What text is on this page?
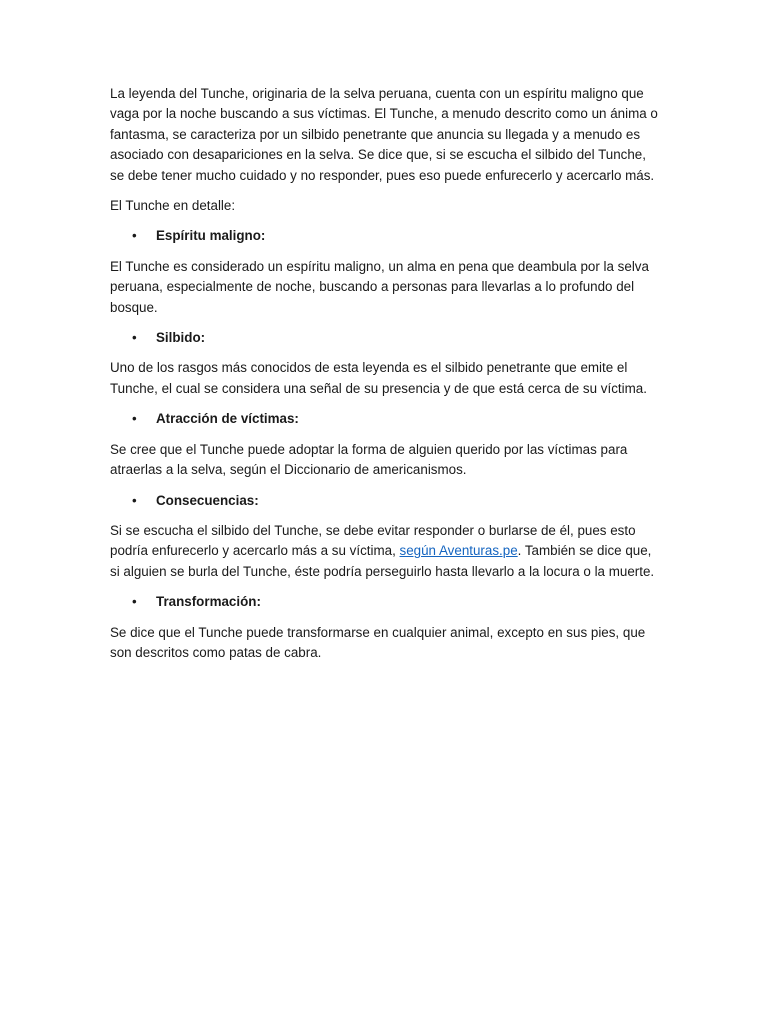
La leyenda del Tunche, originaria de la selva peruana, cuenta con un espíritu maligno que vaga por la noche buscando a sus víctimas. El Tunche, a menudo descrito como un ánima o fantasma, se caracteriza por un silbido penetrante que anuncia su llegada y a menudo es asociado con desapariciones en la selva. Se dice que, si se escucha el silbido del Tunche, se debe tener mucho cuidado y no responder, pues eso puede enfurecerlo y acercarlo más.

El Tunche en detalle:

•	Espíritu maligno:

El Tunche es considerado un espíritu maligno, un alma en pena que deambula por la selva peruana, especialmente de noche, buscando a personas para llevarlas a lo profundo del bosque.

•	Silbido:

Uno de los rasgos más conocidos de esta leyenda es el silbido penetrante que emite el Tunche, el cual se considera una señal de su presencia y de que está cerca de su víctima.

•	Atracción de víctimas:

Se cree que el Tunche puede adoptar la forma de alguien querido por las víctimas para atraerlas a la selva, según el Diccionario de americanismos.

•	Consecuencias:

Si se escucha el silbido del Tunche, se debe evitar responder o burlarse de él, pues esto podría enfurecerlo y acercarlo más a su víctima, según Aventuras.pe. También se dice que, si alguien se burla del Tunche, éste podría perseguirlo hasta llevarlo a la locura o la muerte.

•	Transformación:

Se dice que el Tunche puede transformarse en cualquier animal, excepto en sus pies, que son descritos como patas de cabra.
